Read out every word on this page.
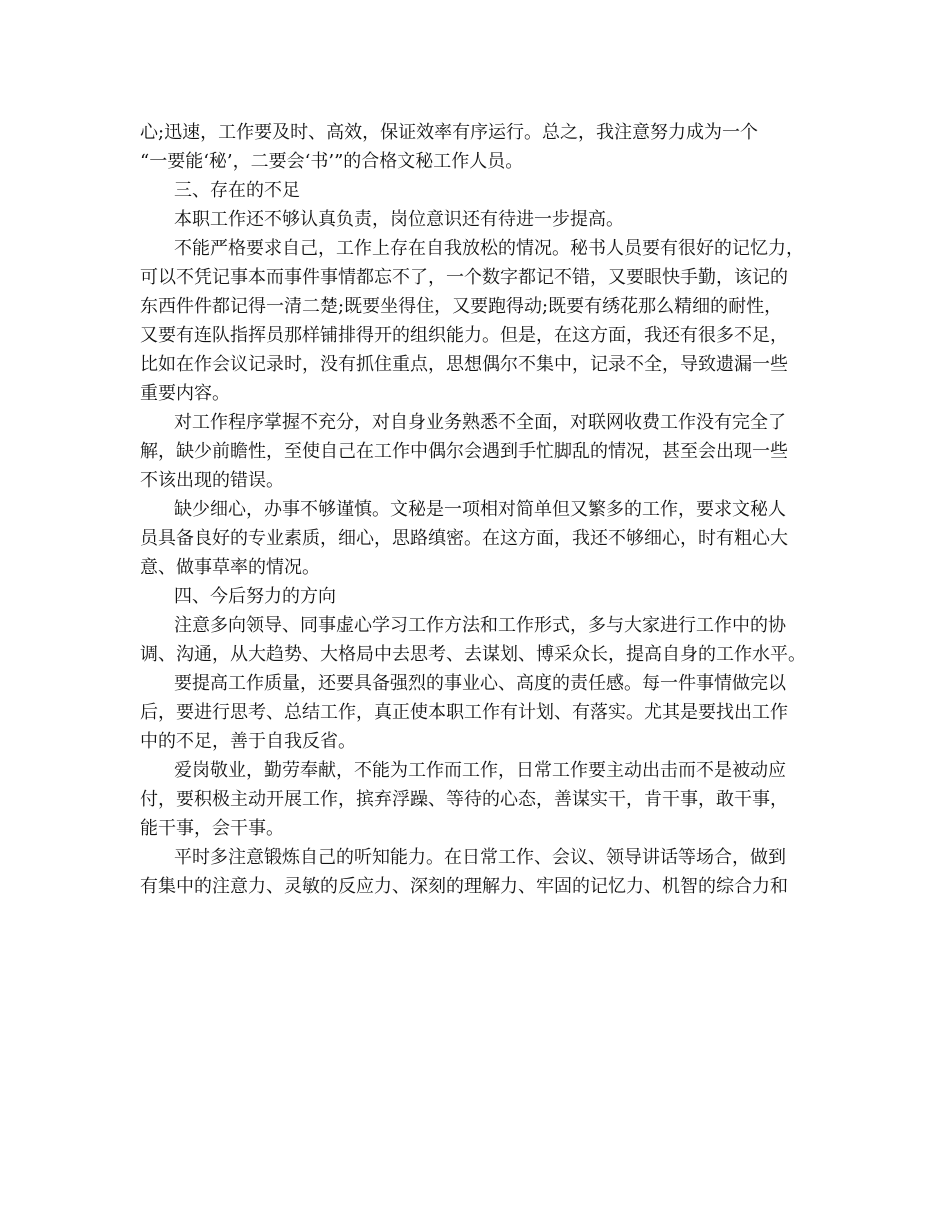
心;迅速，工作要及时、高效，保证效率有序运行。总之，我注意努力成为一个
“一要能‘秘’，二要会‘书’”的合格文秘工作人员。
三、存在的不足
本职工作还不够认真负责，岗位意识还有待进一步提高。
不能严格要求自己，工作上存在自我放松的情况。秘书人员要有很好的记忆力，
可以不凭记事本而事件事情都忘不了，一个数字都记不错，又要眼快手勤，该记的
东西件件都记得一清二楚;既要坐得住，又要跑得动;既要有绣花那么精细的耐性，
又要有连队指挥员那样铺排得开的组织能力。但是，在这方面，我还有很多不足，
比如在作会议记录时，没有抓住重点，思想偶尔不集中，记录不全，导致遗漏一些
重要内容。
对工作程序掌握不充分，对自身业务熟悉不全面，对联网收费工作没有完全了
解，缺少前瞻性，至使自己在工作中偶尔会遇到手忙脚乱的情况，甚至会出现一些
不该出现的错误。
缺少细心，办事不够谨慎。文秘是一项相对简单但又繁多的工作，要求文秘人
员具备良好的专业素质，细心，思路缜密。在这方面，我还不够细心，时有粗心大
意、做事草率的情况。
四、今后努力的方向
注意多向领导、同事虚心学习工作方法和工作形式，多与大家进行工作中的协
调、沟通，从大趋势、大格局中去思考、去谋划、博采众长，提高自身的工作水平。
要提高工作质量，还要具备强烈的事业心、高度的责任感。每一件事情做完以
后，要进行思考、总结工作，真正使本职工作有计划、有落实。尤其是要找出工作
中的不足，善于自我反省。
爱岗敬业，勤劳奉献，不能为工作而工作，日常工作要主动出击而不是被动应
付，要积极主动开展工作，摈弃浮躁、等待的心态，善谋实干，肯干事，敢干事，
能干事，会干事。
平时多注意锻炼自己的听知能力。在日常工作、会议、领导讲话等场合，做到
有集中的注意力、灵敏的反应力、深刻的理解力、牢固的记忆力、机智的综合力和
